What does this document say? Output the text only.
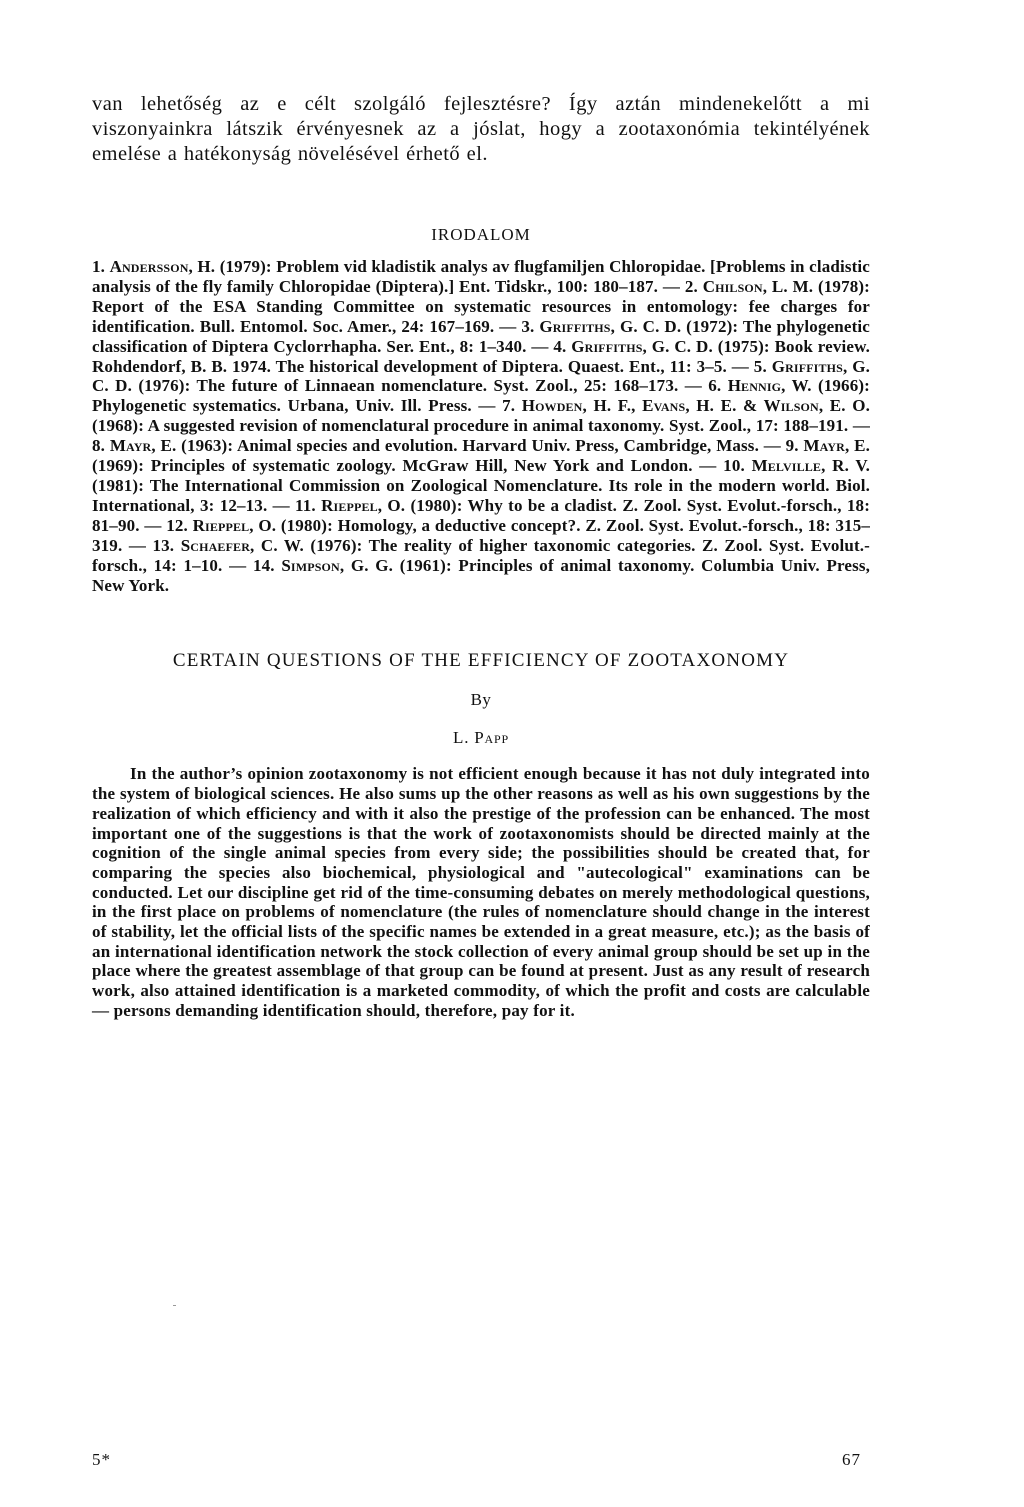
van lehetőség az e célt szolgáló fejlesztésre? Így aztán mindenekelőtt a mi viszonyainkra látszik érvényesnek az a jóslat, hogy a zootaxonómia tekintélyének emelése a hatékonyság növelésével érhető el.

IRODALOM

1. Andersson, H. (1979): Problem vid kladistik analys av flugfamiljen Chloropidae. [Problems in cladistic analysis of the fly family Chloropidae (Diptera).] Ent. Tidskr., 100: 180–187. — 2. Chilson, L. M. (1978): Report of the ESA Standing Committee on systematic resources in entomology: fee charges for identification. Bull. Entomol. Soc. Amer., 24: 167–169. — 3. Griffiths, G. C. D. (1972): The phylogenetic classification of Diptera Cyclorrhapha. Ser. Ent., 8: 1–340. — 4. Griffiths, G. C. D. (1975): Book review. Rohdendorf, B. B. 1974. The historical development of Diptera. Quaest. Ent., 11: 3–5. — 5. Griffiths, G. C. D. (1976): The future of Linnaean nomenclature. Syst. Zool., 25: 168–173. — 6. Hennig, W. (1966): Phylogenetic systematics. Urbana, Univ. Ill. Press. — 7. Howden, H. F., Evans, H. E. & Wilson, E. O. (1968): A suggested revision of nomenclatural procedure in animal taxonomy. Syst. Zool., 17: 188–191. — 8. Mayr, E. (1963): Animal species and evolution. Harvard Univ. Press, Cambridge, Mass. — 9. Mayr, E. (1969): Principles of systematic zoology. McGraw Hill, New York and London. — 10. Melville, R. V. (1981): The International Commission on Zoological Nomenclature. Its role in the modern world. Biol. International, 3: 12–13. — 11. Rieppel, O. (1980): Why to be a cladist. Z. Zool. Syst. Evolut.-forsch., 18: 81–90. — 12. Rieppel, O. (1980): Homology, a deductive concept?. Z. Zool. Syst. Evolut.-forsch., 18: 315–319. — 13. Schaefer, C. W. (1976): The reality of higher taxonomic categories. Z. Zool. Syst. Evolut.-forsch., 14: 1–10. — 14. Simpson, G. G. (1961): Principles of animal taxonomy. Columbia Univ. Press, New York.

CERTAIN QUESTIONS OF THE EFFICIENCY OF ZOOTAXONOMY
By
L. Papp

In the author’s opinion zootaxonomy is not efficient enough because it has not duly integrated into the system of biological sciences. He also sums up the other reasons as well as his own suggestions by the realization of which efficiency and with it also the prestige of the profession can be enhanced. The most important one of the suggestions is that the work of zootaxonomists should be directed mainly at the cognition of the single animal species from every side; the possibilities should be created that, for comparing the species also biochemical, physiological and "autecological" examinations can be conducted. Let our discipline get rid of the time-consuming debates on merely methodological questions, in the first place on problems of nomenclature (the rules of nomenclature should change in the interest of stability, let the official lists of the specific names be extended in a great measure, etc.); as the basis of an international identification network the stock collection of every animal group should be set up in the place where the greatest assemblage of that group can be found at present. Just as any result of research work, also attained identification is a marketed commodity, of which the profit and costs are calculable — persons demanding identification should, therefore, pay for it.

5*	67
